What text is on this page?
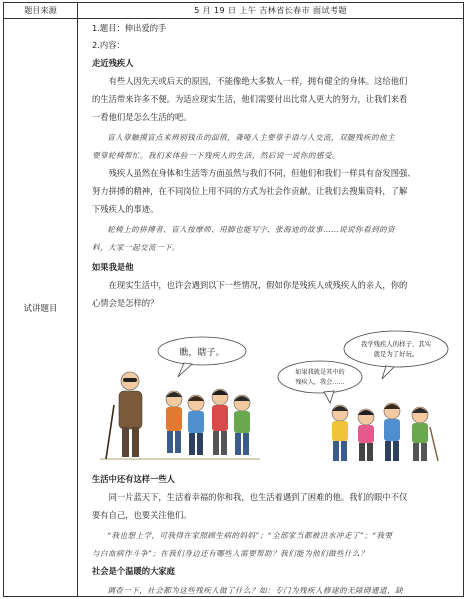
题目来源	5 月 19 日 上午 吉林省长春市 面试考题
试讲题目
1.题目：伸出爱的手
2.内容：
走近残疾人
有些人因先天或后天的原因，不能像绝大多数人一样，拥有健全的身体。这给他们
的生活带来许多不便。为适应现实生活，他们需要付出比常人更大的努力，让我们来看
一看他们是怎么生活的吧。
盲人靠触摸盲点来辨别钱币的面值，聋哑人主要靠手语与人交流，双腿残疾的他主
要靠轮椅帮忙。我们来体验一下残疾人的生活，然后说一说你的感受。
残疾人虽然在身体和生活等方面虽然与我们不同，但他们和我们一样具有奋发图强、
努力拼搏的精神，在不同岗位上用不同的方式为社会作贡献。让我们去搜集资料，了解
下残疾人的事迹。
轮椅上的拼搏者、盲人按摩师、用脚也能写字、张海迪的故事……说说你看到的资
料，大家一起交流一下。
如果我是他
在现实生活中，也许会遇到以下一些情况，假如你是残疾人或残疾人的亲人，你的
心情会是怎样的？
瞧，瞎子。
我学残疾人的样子，其实
就是为了好玩。
如果我就是其中的
残疾人，我会……
生活中还有这样一些人
同一片蓝天下，生活着幸福的你和我，也生活着遇到了困难的他。我们的眼中不仅
要有自己，也要关注他们。
“我也想上学，可我得在家照顾生病的妈妈”；“全部家当都被洪水冲走了”；“我要
与白血病作斗争”；在我们身边还有哪些人需要帮助？我们能为他们做些什么？
社会是个温暖的大家庭
调查一下，社会都为这些残疾人做了什么？如：专门为残疾人修建的无障碍通道、缺
